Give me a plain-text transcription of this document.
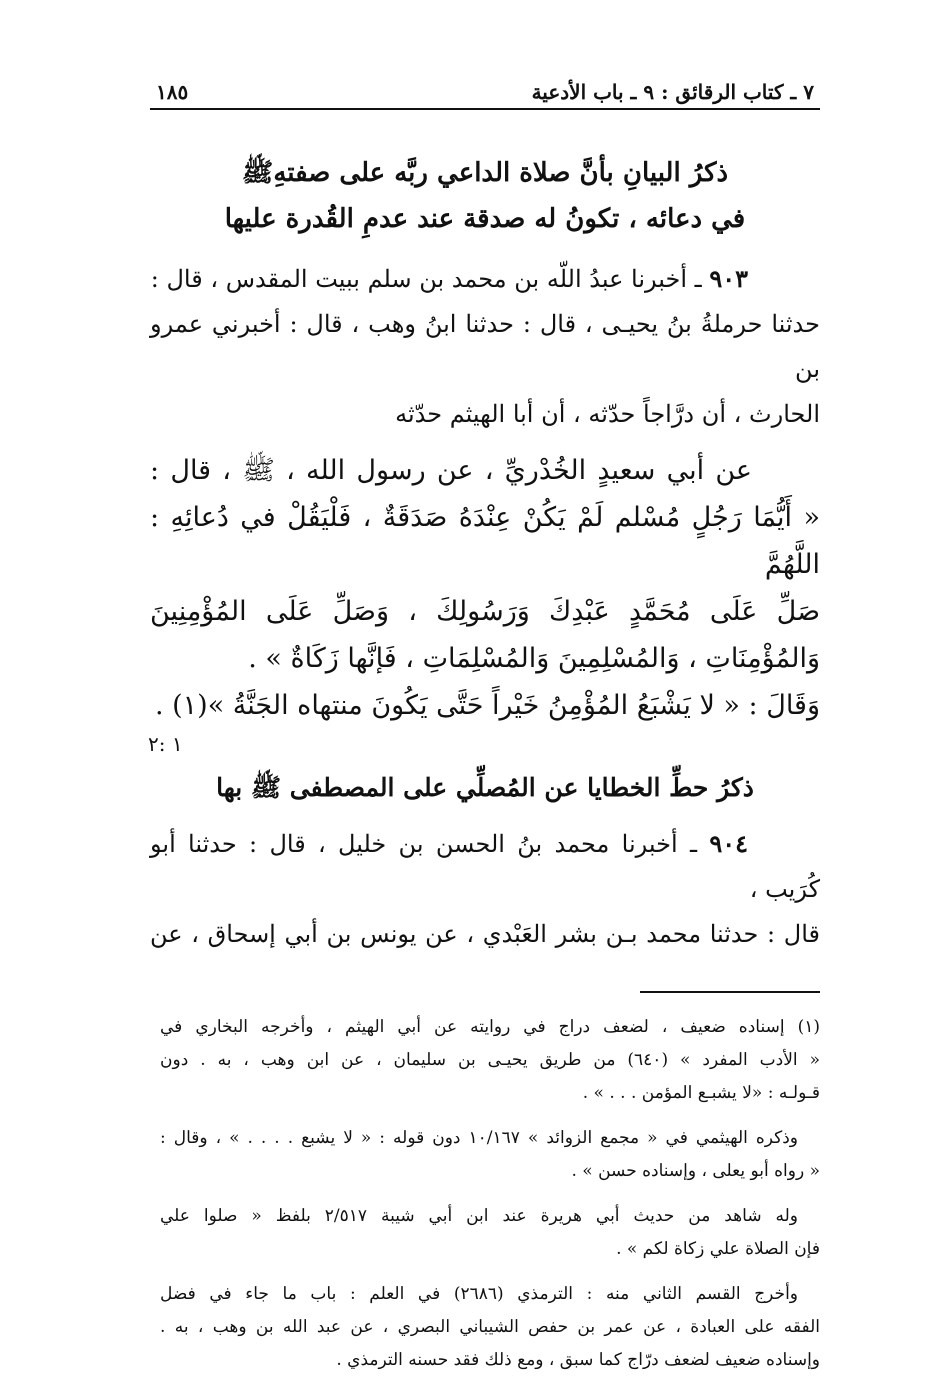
٧ ـ كتاب الرقائق : ٩ ـ باب الأدعية
١٨٥
ذكرُ البيانِ بأنَّ صلاة الداعي ربَّه على صفتهِﷺ
في دعائه ، تكونُ له صدقة عند عدمِ القُدرة عليها

٩٠٣ ـ أخبرنا عبدُ اللّه بن محمد بن سلم ببيت المقدس ، قال :

حدثنا حرملةُ بنُ يحيـى ، قال : حدثنا ابنُ وهب ، قال : أخبرني عمرو بن

الحارث ، أن درَّاجاً حدّثه ، أن أبا الهيثم حدّثه

عن أبي سعيدٍ الخُدْريِّ ، عن رسول الله ، ﷺ ، قال :
« أَيُّمَا رَجُلٍ مُسْلم لَمْ يَكُنْ عِنْدَهُ صَدَقَةٌ ، فَلْيَقُلْ في دُعائِهِ : اللَّهُمَّ
صَلِّ عَلَى مُحَمَّدٍ عَبْدِكَ وَرَسُولِكَ ، وَصَلِّ عَلَى المُؤْمِنِينَ
وَالمُؤْمِنَاتِ ، وَالمُسْلِمِينَ وَالمُسْلِمَاتِ ، فَإنَّها زَكَاةٌ » .
وَقَالَ : « لا يَشْبَعُ المُؤْمِنُ خَيْراً حَتَّى يَكُونَ منتهاه الجَنَّةُ »(١) .
١ :٢
ذكرُ حطِّ الخطايا عن المُصلِّي على المصطفى ﷺ بها

٩٠٤ ـ أخبرنا محمد بنُ الحسن بن خليل ، قال : حدثنا أبو كُرَيب ،

قال : حدثنا محمد بـن بشر العَبْدي ، عن يونس بن أبي إسحاق ، عن

(١) إسناده ضعيف ، لضعف دراج في روايته عن أبي الهيثم ، وأخرجه البخاري في
« الأدب المفرد » (٦٤٠) من طريق يحيـى بن سليمان ، عن ابن وهب ، به . دون
قـولـه : «لا يشبـع المؤمن . . . » .
وذكره الهيثمي في « مجمع الزوائد » ١٠/١٦٧ دون قوله : « لا يشبع . . . . » ، وقال :
« رواه أبو يعلى ، وإسناده حسن » .
وله شاهد من حديث أبي هريرة عند ابن أبي شيبة ٢/٥١٧ بلفظ « صلوا علي
فإن الصلاة علي زكاة لكم » .
وأخرج القسم الثاني منه : الترمذي (٢٦٨٦) في العلم : باب ما جاء في فضل
الفقه على العبادة ، عن عمر بن حفص الشيباني البصري ، عن عبد الله بن وهب ، به .
وإسناده ضعيف لضعف درّاج كما سبق ، ومع ذلك فقد حسنه الترمذي .
